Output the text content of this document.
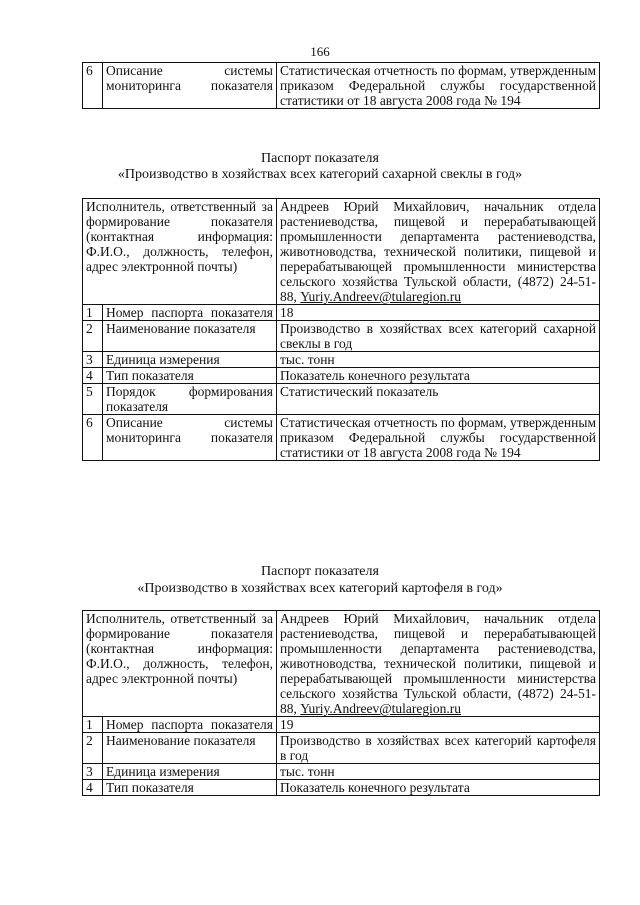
166
6	Описание системы мониторинга показателя	Статистическая отчетность по формам, утвержденным приказом Федеральной службы государственной статистики от 18 августа 2008 года № 194
Паспорт показателя
«Производство в хозяйствах всех категорий сахарной свеклы в год»
Исполнитель, ответственный за формирование показателя (контактная информация: Ф.И.О., должность, телефон, адрес электронной почты)		Андреев Юрий Михайлович, начальник отдела растениеводства, пищевой и перерабатывающей промышленности департамента растениеводства, животноводства, технической политики, пищевой и перерабатывающей промышленности министерства сельского хозяйства Тульской области, (4872) 24-51-88, Yuriy.Andreev@tularegion.ru
1	Номер паспорта показателя	18
2	Наименование показателя	Производство в хозяйствах всех категорий сахарной свеклы в год
3	Единица измерения	тыс. тонн
4	Тип показателя	Показатель конечного результата
5	Порядок формирования показателя	Статистический показатель
6	Описание системы мониторинга показателя	Статистическая отчетность по формам, утвержденным приказом Федеральной службы государственной статистики от 18 августа 2008 года № 194
Паспорт показателя
«Производство в хозяйствах всех категорий картофеля в год»
Исполнитель, ответственный за формирование показателя (контактная информация: Ф.И.О., должность, телефон, адрес электронной почты)		Андреев Юрий Михайлович, начальник отдела растениеводства, пищевой и перерабатывающей промышленности департамента растениеводства, животноводства, технической политики, пищевой и перерабатывающей промышленности министерства сельского хозяйства Тульской области, (4872) 24-51-88, Yuriy.Andreev@tularegion.ru
1	Номер паспорта показателя	19
2	Наименование показателя	Производство в хозяйствах всех категорий картофеля в год
3	Единица измерения	тыс. тонн
4	Тип показателя	Показатель конечного результата
